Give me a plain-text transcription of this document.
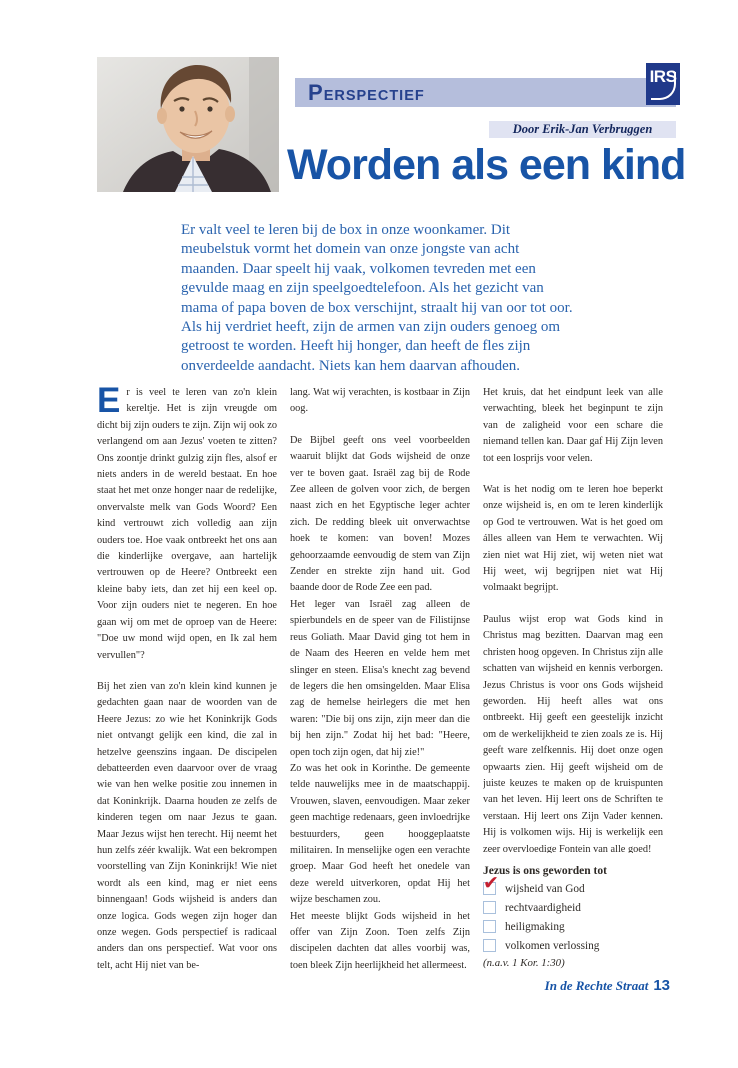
PERSPECTIEF
IRS
Door Erik-Jan Verbruggen
Worden als een kind
Er valt veel te leren bij de box in onze woonkamer. Dit meubelstuk vormt het domein van onze jongste van acht maanden. Daar speelt hij vaak, volkomen tevreden met een gevulde maag en zijn speelgoedtelefoon. Als het gezicht van mama of papa boven de box verschijnt, straalt hij van oor tot oor. Als hij verdriet heeft, zijn de armen van zijn ouders genoeg om getroost te worden. Heeft hij honger, dan heeft de fles zijn onverdeelde aandacht. Niets kan hem daarvan afhouden.

Er is veel te leren van zo'n klein kereltje. Het is zijn vreugde om dicht bij zijn ouders te zijn. Zijn wij ook zo verlangend om aan Jezus' voeten te zitten? Ons zoontje drinkt gulzig zijn fles, alsof er niets anders in de wereld bestaat. En hoe staat het met onze honger naar de redelijke, onvervalste melk van Gods Woord? Een kind vertrouwt zich volledig aan zijn ouders toe. Hoe vaak ontbreekt het ons aan die kinderlijke overgave, aan hartelijk vertrouwen op de Heere? Ontbreekt een kleine baby iets, dan zet hij een keel op. Voor zijn ouders niet te negeren. En hoe gaan wij om met de oproep van de Heere: "Doe uw mond wijd open, en Ik zal hem vervullen"?

Bij het zien van zo'n klein kind kunnen je gedachten gaan naar de woorden van de Heere Jezus: zo wie het Koninkrijk Gods niet ontvangt gelijk een kind, die zal in hetzelve geenszins ingaan. De discipelen debatteerden even daarvoor over de vraag wie van hen welke positie zou innemen in dat Koninkrijk. Daarna houden ze zelfs de kinderen tegen om naar Jezus te gaan. Maar Jezus wijst hen terecht. Hij neemt het hun zelfs zéér kwalijk. Wat een bekrompen voorstelling van Zijn Koninkrijk! Wie niet wordt als een kind, mag er niet eens binnengaan! Gods wijsheid is anders dan onze logica. Gods wegen zijn hoger dan onze wegen. Gods perspectief is radicaal anders dan ons perspectief. Wat voor ons telt, acht Hij niet van be-

lang. Wat wij verachten, is kostbaar in Zijn oog.

De Bijbel geeft ons veel voorbeelden waaruit blijkt dat Gods wijsheid de onze ver te boven gaat. Israël zag bij de Rode Zee alleen de golven voor zich, de bergen naast zich en het Egyptische leger achter zich. De redding bleek uit onverwachtse hoek te komen: van boven! Mozes gehoorzaamde eenvoudig de stem van Zijn Zender en strekte zijn hand uit. God baande door de Rode Zee een pad.

Het leger van Israël zag alleen de spierbundels en de speer van de Filistijnse reus Goliath. Maar David ging tot hem in de Naam des Heeren en velde hem met slinger en steen. Elisa's knecht zag bevend de legers die hen omsingelden. Maar Elisa zag de hemelse heirlegers die met hen waren: "Die bij ons zijn, zijn meer dan die bij hen zijn." Zodat hij het bad: "Heere, open toch zijn ogen, dat hij zie!"

Zo was het ook in Korinthe. De gemeente telde nauwelijks mee in de maatschappij. Vrouwen, slaven, eenvoudigen. Maar zeker geen machtige redenaars, geen invloedrijke bestuurders, geen hooggeplaatste militairen. In menselijke ogen een verachte groep. Maar God heeft het onedele van deze wereld uitverkoren, opdat Hij het wijze beschamen zou.

Het meeste blijkt Gods wijsheid in het offer van Zijn Zoon. Toen zelfs Zijn discipelen dachten dat alles voorbij was, toen bleek Zijn heerlijkheid het allermeest.

Het kruis, dat het eindpunt leek van alle verwachting, bleek het beginpunt te zijn van de zaligheid voor een schare die niemand tellen kan. Daar gaf Hij Zijn leven tot een losprijs voor velen.

Wat is het nodig om te leren hoe beperkt onze wijsheid is, en om te leren kinderlijk op God te vertrouwen. Wat is het goed om álles alleen van Hem te verwachten. Wij zien niet wat Hij ziet, wij weten niet wat Hij weet, wij begrijpen niet wat Hij volmaakt begrijpt.

Paulus wijst erop wat Gods kind in Christus mag bezitten. Daarvan mag een christen hoog opgeven. In Christus zijn alle schatten van wijsheid en kennis verborgen. Jezus Christus is voor ons Gods wijsheid geworden. Hij heeft alles wat ons ontbreekt. Hij geeft een geestelijk inzicht om de werkelijkheid te zien zoals ze is. Hij geeft ware zelfkennis. Hij doet onze ogen opwaarts zien. Hij geeft wijsheid om de juiste keuzes te maken op de kruispunten van het leven. Hij leert ons de Schriften te verstaan. Hij leert ons Zijn Vader kennen. Hij is volkomen wijs. Hij is werkelijk een zeer overvloedige Fontein van alle goed!

Jezus is ons geworden tot

✔ wijsheid van God
rechtvaardigheid
heiligmaking
volkomen verlossing

(n.a.v. 1 Kor. 1:30)

In de Rechte Straat 13
